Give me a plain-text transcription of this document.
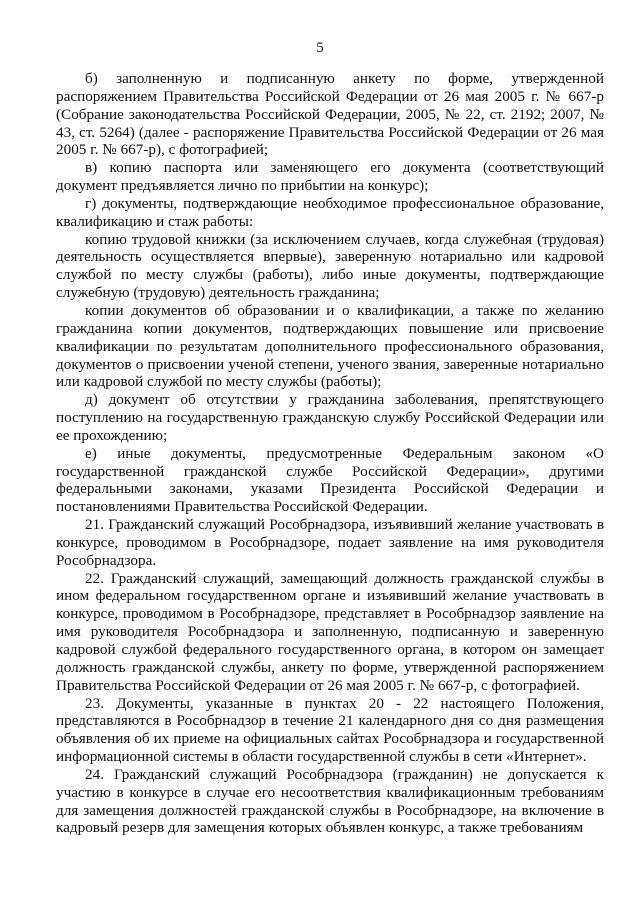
5

б) заполненную и подписанную анкету по форме, утвержденной распоряжением Правительства Российской Федерации от 26 мая 2005 г. № 667-р (Собрание законодательства Российской Федерации, 2005, № 22, ст. 2192; 2007, № 43, ст. 5264) (далее - распоряжение Правительства Российской Федерации от 26 мая 2005 г. № 667-р), с фотографией;

в) копию паспорта или заменяющего его документа (соответствующий документ предъявляется лично по прибытии на конкурс);

г) документы, подтверждающие необходимое профессиональное образование, квалификацию и стаж работы:

копию трудовой книжки (за исключением случаев, когда служебная (трудовая) деятельность осуществляется впервые), заверенную нотариально или кадровой службой по месту службы (работы), либо иные документы, подтверждающие служебную (трудовую) деятельность гражданина;

копии документов об образовании и о квалификации, а также по желанию гражданина копии документов, подтверждающих повышение или присвоение квалификации по результатам дополнительного профессионального образования, документов о присвоении ученой степени, ученого звания, заверенные нотариально или кадровой службой по месту службы (работы);

д) документ об отсутствии у гражданина заболевания, препятствующего поступлению на государственную гражданскую службу Российской Федерации или ее прохождению;

е) иные документы, предусмотренные Федеральным законом «О государственной гражданской службе Российской Федерации», другими федеральными законами, указами Президента Российской Федерации и постановлениями Правительства Российской Федерации.

21. Гражданский служащий Рособрнадзора, изъявивший желание участвовать в конкурсе, проводимом в Рособрнадзоре, подает заявление на имя руководителя Рособрнадзора.

22. Гражданский служащий, замещающий должность гражданской службы в ином федеральном государственном органе и изъявивший желание участвовать в конкурсе, проводимом в Рособрнадзоре, представляет в Рособрнадзор заявление на имя руководителя Рособрнадзора и заполненную, подписанную и заверенную кадровой службой федерального государственного органа, в котором он замещает должность гражданской службы, анкету по форме, утвержденной распоряжением Правительства Российской Федерации от 26 мая 2005 г. № 667-р, с фотографией.

23. Документы, указанные в пунктах 20 - 22 настоящего Положения, представляются в Рособрнадзор в течение 21 календарного дня со дня размещения объявления об их приеме на официальных сайтах Рособрнадзора и государственной информационной системы в области государственной службы в сети «Интернет».

24. Гражданский служащий Рособрнадзора (гражданин) не допускается к участию в конкурсе в случае его несоответствия квалификационным требованиям для замещения должностей гражданской службы в Рособрнадзоре, на включение в кадровый резерв для замещения которых объявлен конкурс, а также требованиям
